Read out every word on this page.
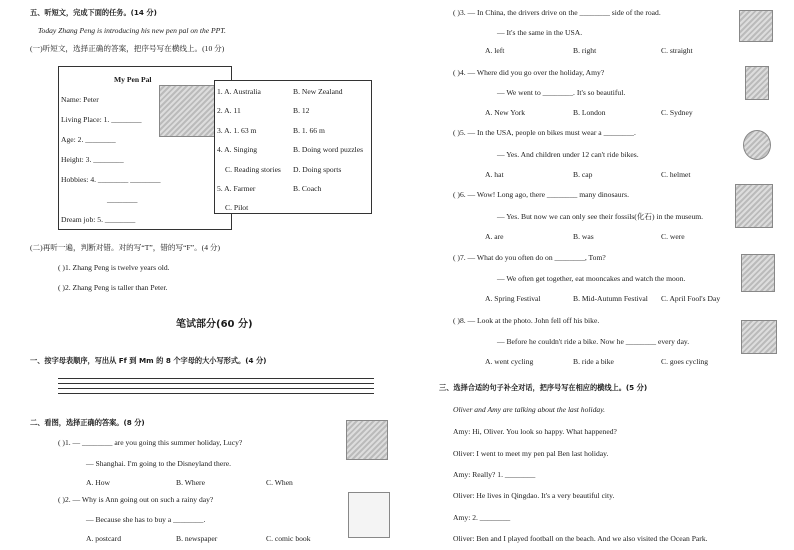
五、听短文，完成下面的任务。(14 分)
Today Zhang Peng is introducing his new pen pal on the PPT.
(一)听短文，选择正确的答案，把序号写在横线上。(10 分)
My Pen Pal
Name: Peter
Living Place: 1. ________
Age: 2. ________
Height: 3. ________
Hobbies: 4. ________ ________
________
Dream job: 5. ________
1. A. Australia	B. New Zealand
2. A. 11	B. 12
3. A. 1. 63 m	B. 1. 66 m
4. A. Singing	B. Doing word puzzles
C. Reading stories D. Doing sports
5. A. Farmer	B. Coach
C. Pilot
(二)再听一遍，判断对错。对的写“T”，错的写“F”。(4 分)
( )1. Zhang Peng is twelve years old.
( )2. Zhang Peng is taller than Peter.
笔试部分(60 分)
一、按字母表顺序，写出从 Ff 到 Mm 的 8 个字母的大小写形式。(4 分)
二、看图，选择正确的答案。(8 分)
( )1. — ________ are you going this summer holiday, Lucy?
— Shanghai. I'm going to the Disneyland there.
A. How	B. Where	C. When
( )2. — Why is Ann going out on such a rainy day?
— Because she has to buy a ________.
A. postcard	B. newspaper	C. comic book
( )3. — In China, the drivers drive on the ________ side of the road.
— It's the same in the USA.
A. left	B. right	C. straight
( )4. — Where did you go over the holiday, Amy?
— We went to ________. It's so beautiful.
A. New York	B. London	C. Sydney
( )5. — In the USA, people on bikes must wear a ________.
— Yes. And children under 12 can't ride bikes.
A. hat	B. cap	C. helmet
( )6. — Wow! Long ago, there ________ many dinosaurs.
— Yes. But now we can only see their fossils(化石) in the museum.
A. are	B. was	C. were
( )7. — What do you often do on ________, Tom?
— We often get together, eat mooncakes and watch the moon.
A. Spring Festival	B. Mid-Autumn Festival C. April Fool's Day
( )8. — Look at the photo. John fell off his bike.
— Before he couldn't ride a bike. Now he ________ every day.
A. went cycling	B. ride a bike	C. goes cycling
三、选择合适的句子补全对话，把序号写在相应的横线上。(5 分)
Oliver and Amy are talking about the last holiday.
Amy: Hi, Oliver. You look so happy. What happened?
Oliver: I went to meet my pen pal Ben last holiday.
Amy: Really? 1. ________
Oliver: He lives in Qingdao. It's a very beautiful city.
Amy: 2. ________
Oliver: Ben and I played football on the beach. And we also visited the Ocean Park.
